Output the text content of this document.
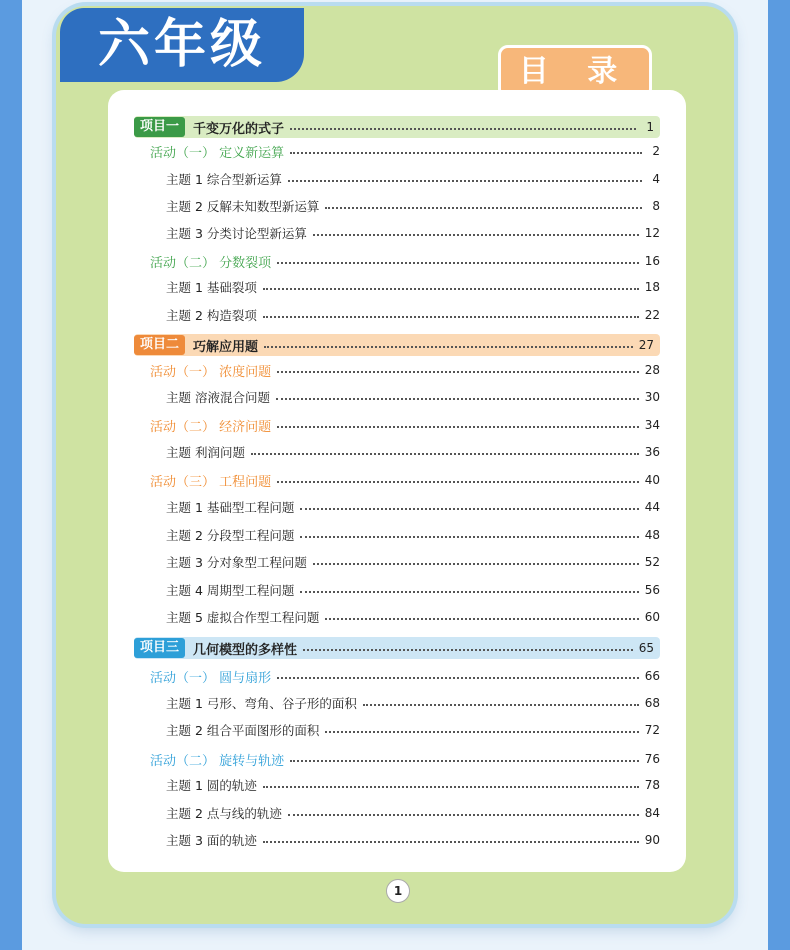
六年级	目 录
项目一	千变万化的式子	1
活动（一） 定义新运算	2
主题 1 综合型新运算	4
主题 2 反解未知数型新运算	8
主题 3 分类讨论型新运算	12
活动（二） 分数裂项	16
主题 1 基础裂项	18
主题 2 构造裂项	22
项目二	巧解应用题	27
活动（一） 浓度问题	28
主题 溶液混合问题	30
活动（二） 经济问题	34
主题 利润问题	36
活动（三） 工程问题	40
主题 1 基础型工程问题	44
主题 2 分段型工程问题	48
主题 3 分对象型工程问题	52
主题 4 周期型工程问题	56
主题 5 虚拟合作型工程问题	60
项目三	几何模型的多样性	65
活动（一） 圆与扇形	66
主题 1 弓形、弯角、谷子形的面积	68
主题 2 组合平面图形的面积	72
活动（二） 旋转与轨迹	76
主题 1 圆的轨迹	78
主题 2 点与线的轨迹	84
主题 3 面的轨迹	90
1
